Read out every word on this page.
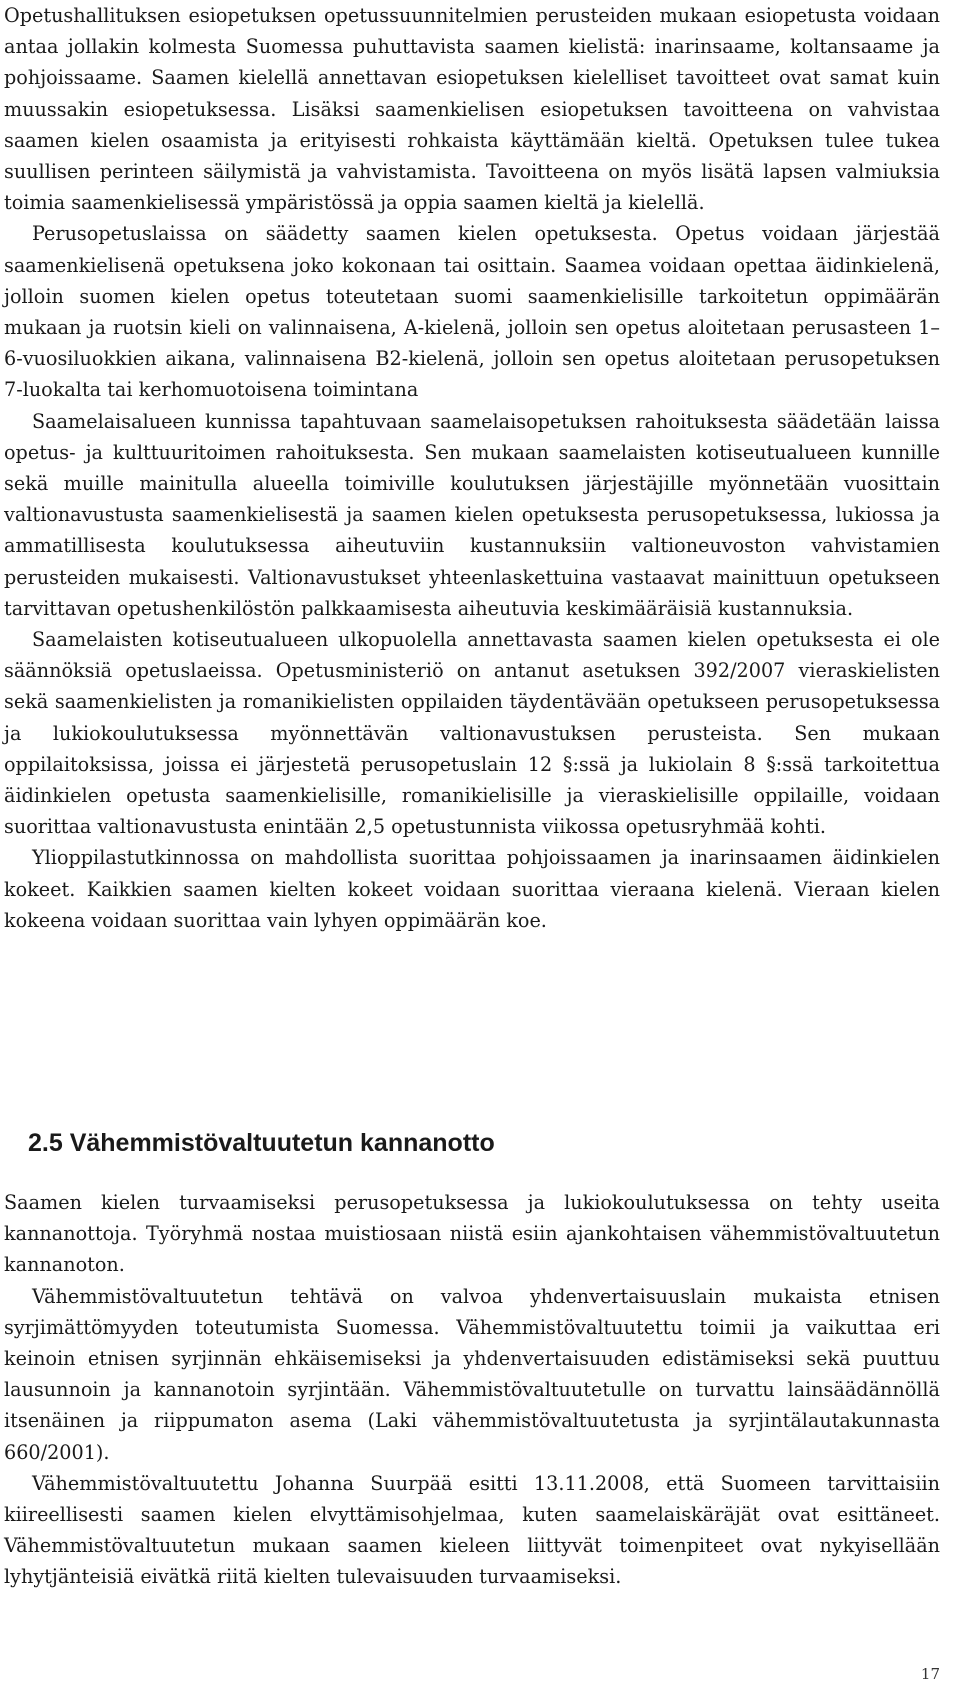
Opetushallituksen esiopetuksen opetussuunnitelmien perusteiden mukaan esiopetusta voidaan antaa jollakin kolmesta Suomessa puhuttavista saamen kielistä: inarinsaame, koltansaame ja pohjoissaame. Saamen kielellä annettavan esiopetuksen kielelliset tavoitteet ovat samat kuin muussakin esiopetuksessa. Lisäksi saamenkielisen esiopetuksen tavoitteena on vahvistaa saamen kielen osaamista ja erityisesti rohkaista käyttämään kieltä. Opetuksen tulee tukea suullisen perinteen säilymistä ja vahvistamista. Tavoitteena on myös lisätä lapsen valmiuksia toimia saamenkielisessä ympäristössä ja oppia saamen kieltä ja kielellä.

Perusopetuslaissa on säädetty saamen kielen opetuksesta. Opetus voidaan järjestää saamenkielisenä opetuksena joko kokonaan tai osittain. Saamea voidaan opettaa äidinkielenä, jolloin suomen kielen opetus toteutetaan suomi saamenkielisille tarkoitetun oppimäärän mukaan ja ruotsin kieli on valinnaisena, A-kielenä, jolloin sen opetus aloitetaan perusasteen 1–6-vuosiluokkien aikana, valinnaisena B2-kielenä, jolloin sen opetus aloitetaan perusopetuksen 7-luokalta tai kerhomuotoisena toimintana

Saamelaisalueen kunnissa tapahtuvaan saamelaisopetuksen rahoituksesta säädetään laissa opetus- ja kulttuuritoimen rahoituksesta. Sen mukaan saamelaisten kotiseutualueen kunnille sekä muille mainitulla alueella toimiville koulutuksen järjestäjille myönnetään vuosittain valtionavustusta saamenkielisestä ja saamen kielen opetuksesta perusopetuksessa, lukiossa ja ammatillisesta koulutuksessa aiheutuviin kustannuksiin valtioneuvoston vahvistamien perusteiden mukaisesti. Valtionavustukset yhteenlaskettuina vastaavat mainittuun opetukseen tarvittavan opetushenkilöstön palkkaamisesta aiheutuvia keskimääräisiä kustannuksia.

Saamelaisten kotiseutualueen ulkopuolella annettavasta saamen kielen opetuksesta ei ole säännöksiä opetuslaeissa. Opetusministeriö on antanut asetuksen 392/2007 vieraskielisten sekä saamenkielisten ja romanikielisten oppilaiden täydentävään opetukseen perusopetuksessa ja lukiokoulutuksessa myönnettävän valtionavustuksen perusteista. Sen mukaan oppilaitoksissa, joissa ei järjestetä perusopetuslain 12 §:ssä ja lukiolain 8 §:ssä tarkoitettua äidinkielen opetusta saamenkielisille, romanikielisille ja vieraskielisille oppilaille, voidaan suorittaa valtionavustusta enintään 2,5 opetustunnista viikossa opetusryhmää kohti.

Ylioppilastutkinnossa on mahdollista suorittaa pohjoissaamen ja inarinsaamen äidinkielen kokeet. Kaikkien saamen kielten kokeet voidaan suorittaa vieraana kielenä. Vieraan kielen kokeena voidaan suorittaa vain lyhyen oppimäärän koe.

2.5 Vähemmistövaltuutetun kannanotto

Saamen kielen turvaamiseksi perusopetuksessa ja lukiokoulutuksessa on tehty useita kannanottoja. Työryhmä nostaa muistiosaan niistä esiin ajankohtaisen vähemmistövaltuutetun kannanoton.

Vähemmistövaltuutetun tehtävä on valvoa yhdenvertaisuuslain mukaista etnisen syrjimättömyyden toteutumista Suomessa. Vähemmistövaltuutettu toimii ja vaikuttaa eri keinoin etnisen syrjinnän ehkäisemiseksi ja yhdenvertaisuuden edistämiseksi sekä puuttuu lausunnoin ja kannanotoin syrjintään. Vähemmistövaltuutetulle on turvattu lainsäädännöllä itsenäinen ja riippumaton asema (Laki vähemmistövaltuutetusta ja syrjintälautakunnasta 660/2001).

Vähemmistövaltuutettu Johanna Suurpää esitti 13.11.2008, että Suomeen tarvittaisiin kiireellisesti saamen kielen elvyttämisohjelmaa, kuten saamelaiskäräjät ovat esittäneet. Vähemmistövaltuutetun mukaan saamen kieleen liittyvät toimenpiteet ovat nykyisellään lyhytjänteisiä eivätkä riitä kielten tulevaisuuden turvaamiseksi.

17
